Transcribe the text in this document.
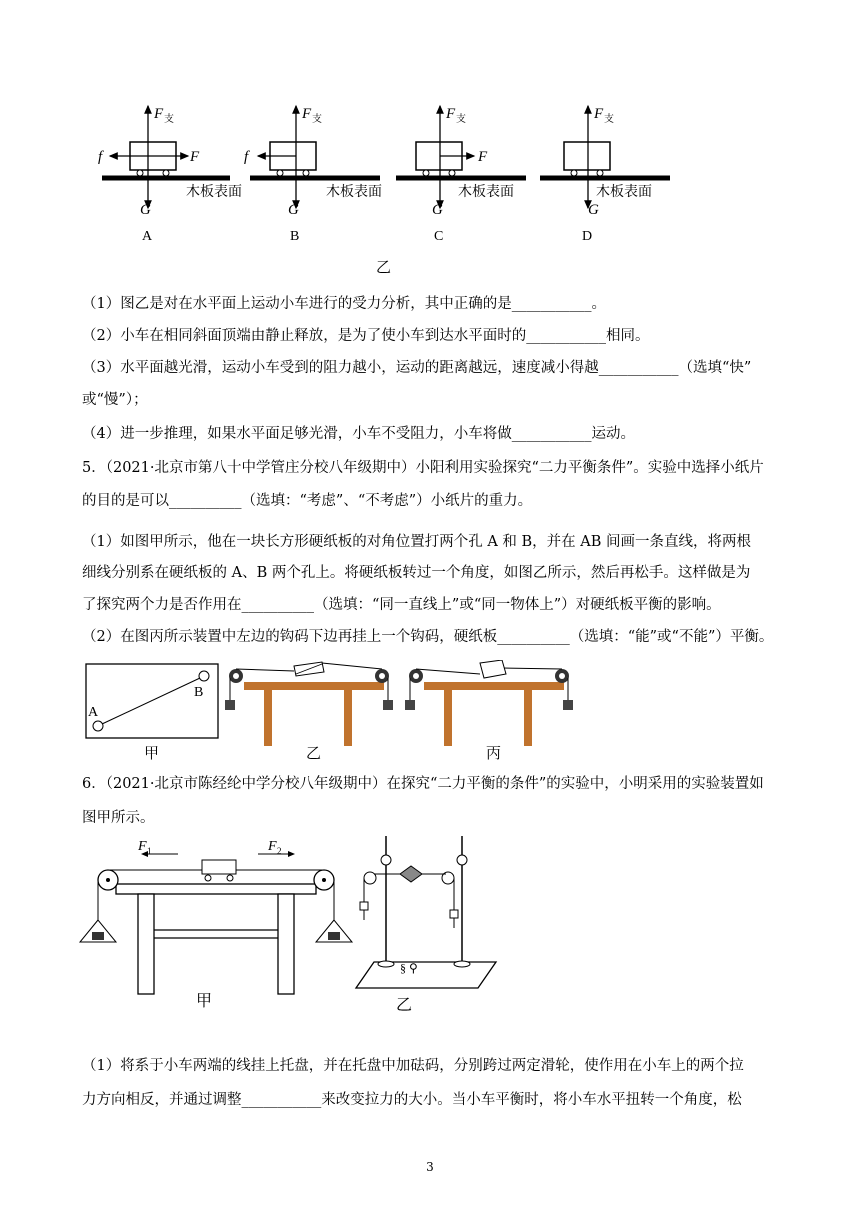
F 支
f	F
G
木板表面
A
F 支
f
G
木板表面
B
F 支
F
G
木板表面
C
F 支
G
木板表面
D
乙
（1）图乙是对在水平面上运动小车进行的受力分析，其中正确的是___________。
（2）小车在相同斜面顶端由静止释放，是为了使小车到达水平面时的___________相同。
（3）水平面越光滑，运动小车受到的阻力越小，运动的距离越远，速度减小得越___________（选填“快”
或“慢”）；
（4）进一步推理，如果水平面足够光滑，小车不受阻力，小车将做___________运动。
5．（2021·北京市第八十中学管庄分校八年级期中）小阳利用实验探究“二力平衡条件”。实验中选择小纸片
的目的是可以__________（选填：“考虑”、“不考虑”）小纸片的重力。
（1）如图甲所示，他在一块长方形硬纸板的对角位置打两个孔 A 和 B，并在 AB 间画一条直线，将两根
细线分别系在硬纸板的 A、B 两个孔上。将硬纸板转过一个角度，如图乙所示，然后再松手。这样做是为
了探究两个力是否作用在__________（选填：“同一直线上”或“同一物体上”）对硬纸板平衡的影响。
（2）在图丙所示装置中左边的钩码下边再挂上一个钩码，硬纸板__________（选填：“能”或“不能”）平衡。
B
A
甲	乙	丙
6．（2021·北京市陈经纶中学分校八年级期中）在探究“二力平衡的条件”的实验中，小明采用的实验装置如
图甲所示。
F 1	F 2
甲
§ ⚲
乙
（1）将系于小车两端的线挂上托盘，并在托盘中加砝码，分别跨过两定滑轮，使作用在小车上的两个拉
力方向相反，并通过调整___________来改变拉力的大小。当小车平衡时，将小车水平扭转一个角度，松
3
